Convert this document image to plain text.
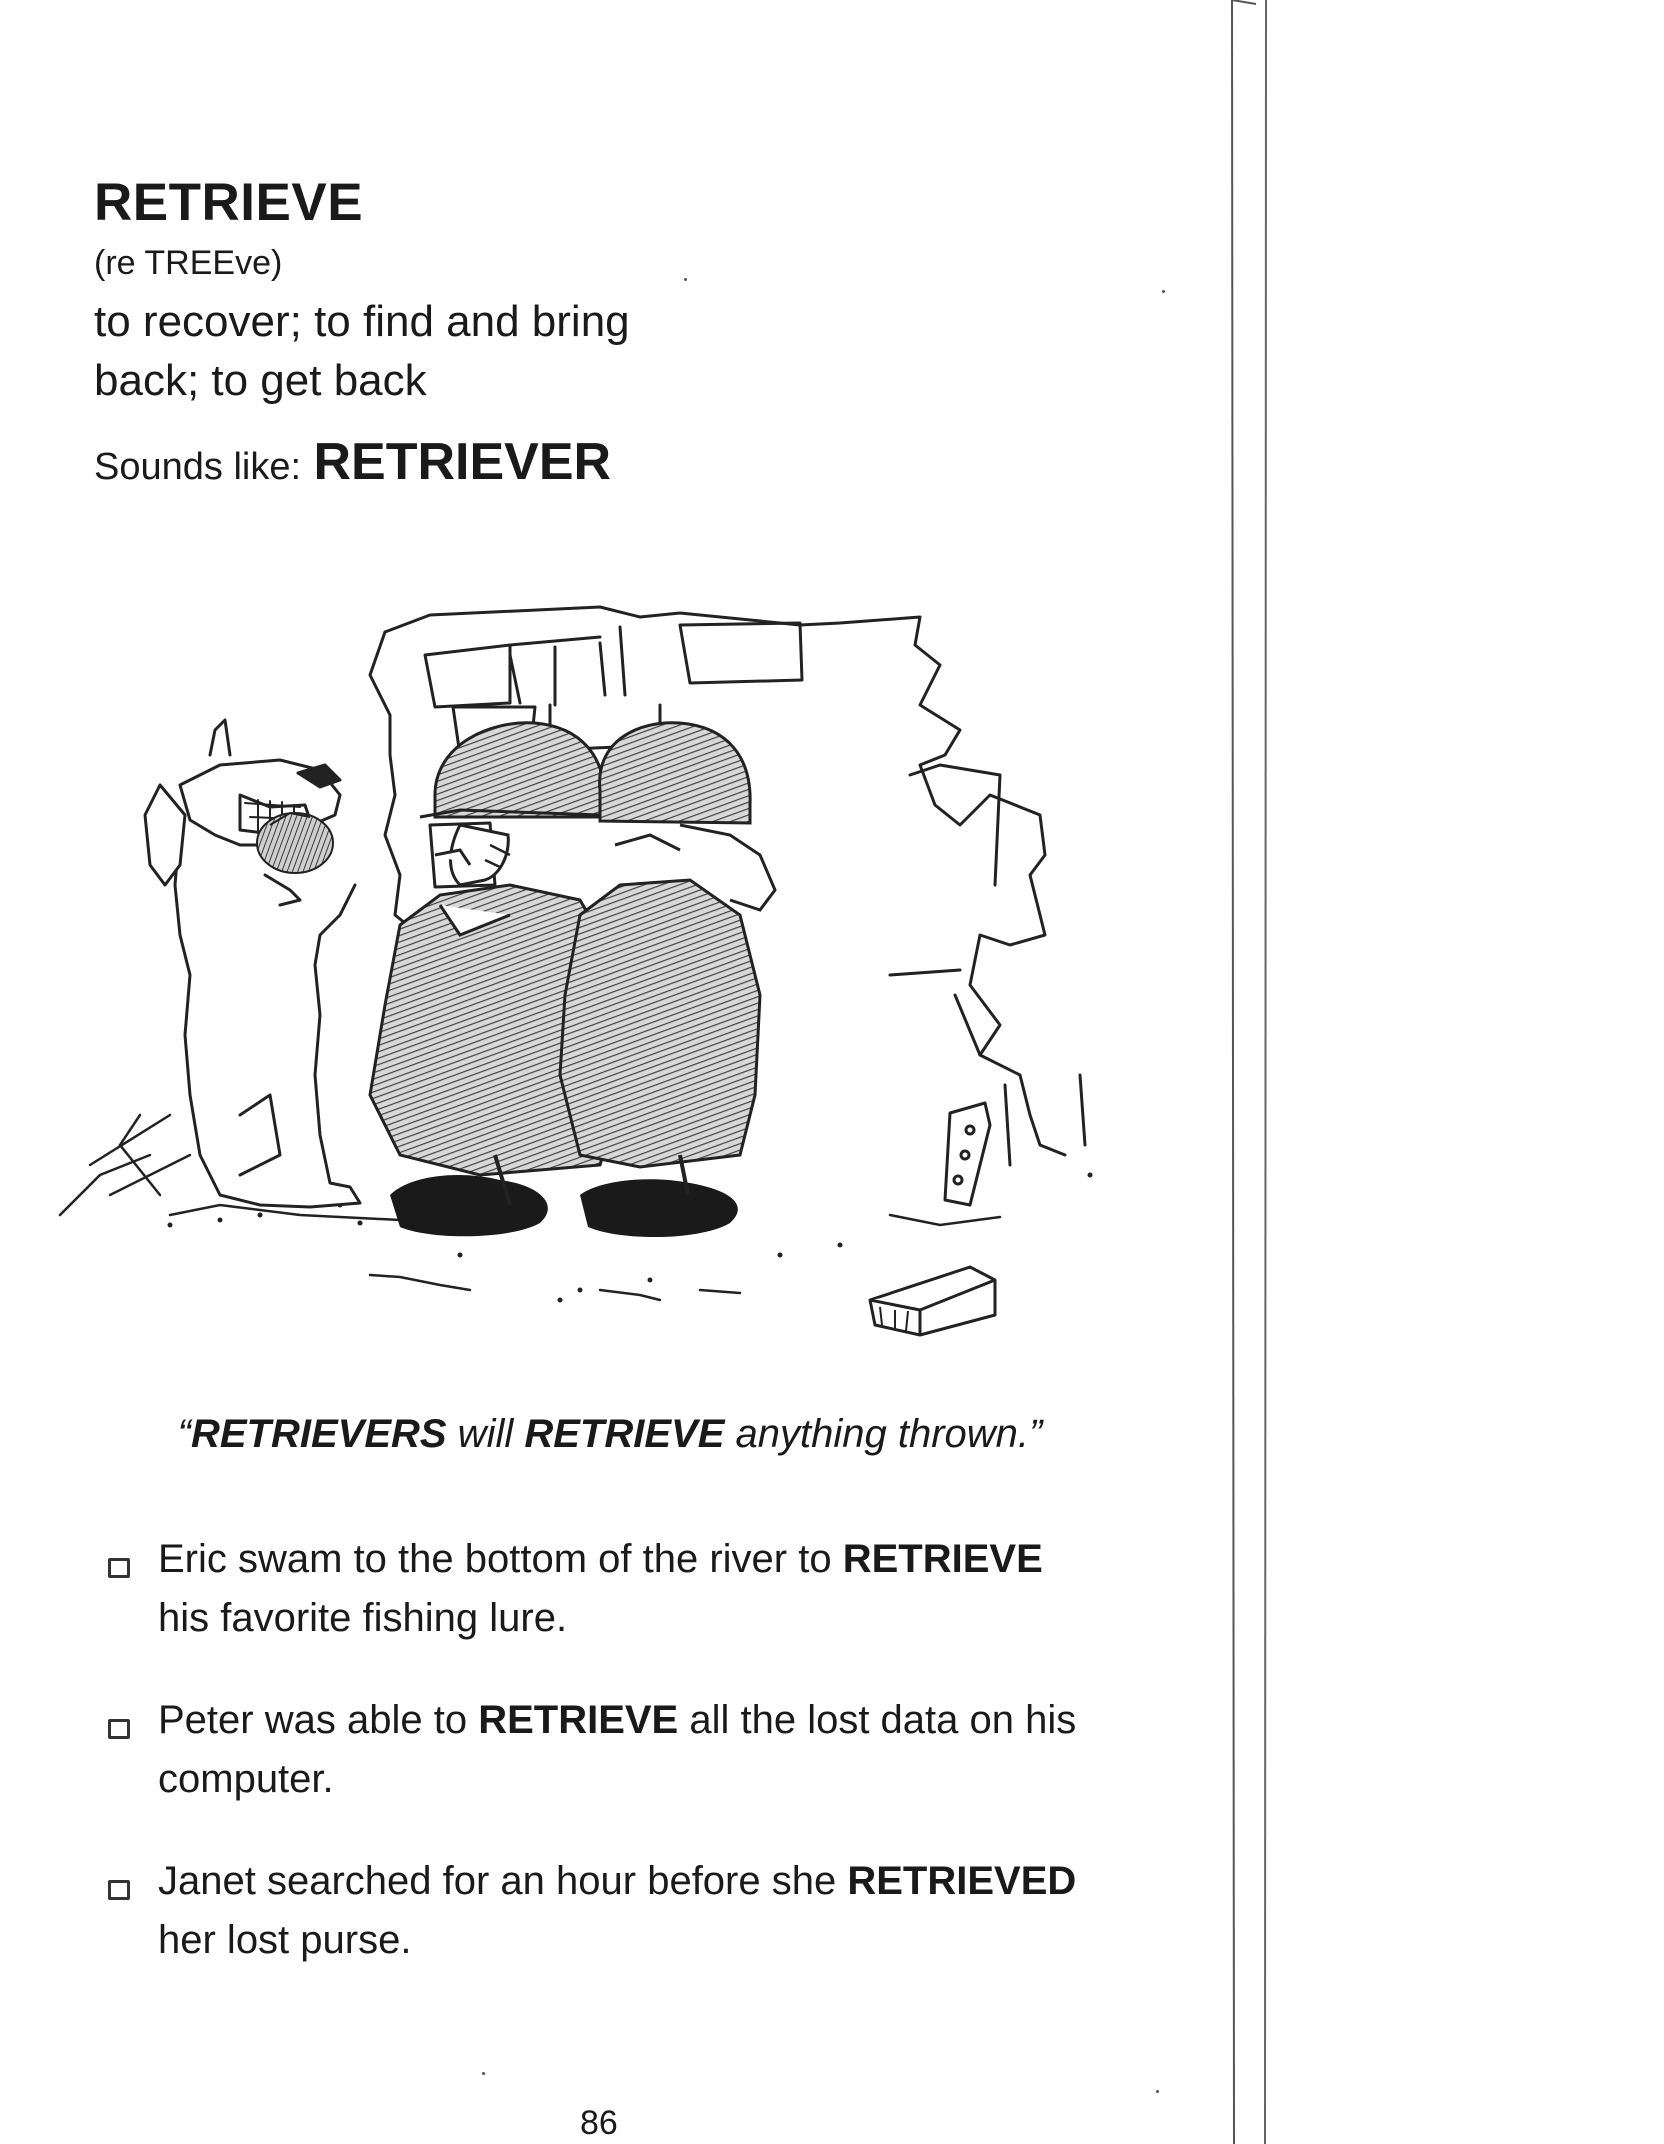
RETRIEVE
(re TREEve)
to recover; to find and bring back; to get back
Sounds like: RETRIEVER
“RETRIEVERS will RETRIEVE anything thrown.”
Eric swam to the bottom of the river to RETRIEVE his favorite fishing lure.
Peter was able to RETRIEVE all the lost data on his computer.
Janet searched for an hour before she RETRIEVED her lost purse.
86
